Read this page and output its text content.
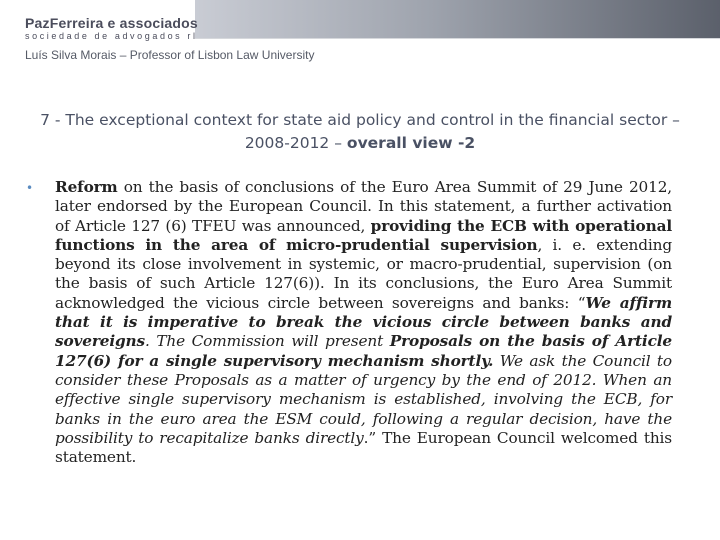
PazFerreira e associados
sociedade de advogados rl
Luís Silva Morais – Professor of Lisbon Law University
7 - The exceptional context for state aid policy and control in the financial sector – 2008-2012 – overall view -2
• Reform on the basis of conclusions of the Euro Area Summit of 29 June 2012, later endorsed by the European Council. In this statement, a further activation of Article 127 (6) TFEU was announced, providing the ECB with operational functions in the area of micro-prudential supervision, i. e. extending beyond its close involvement in systemic, or macro-prudential, supervision (on the basis of such Article 127(6)). In its conclusions, the Euro Area Summit acknowledged the vicious circle between sovereigns and banks: “We affirm that it is imperative to break the vicious circle between banks and sovereigns. The Commission will present Proposals on the basis of Article 127(6) for a single supervisory mechanism shortly. We ask the Council to consider these Proposals as a matter of urgency by the end of 2012. When an effective single supervisory mechanism is established, involving the ECB, for banks in the euro area the ESM could, following a regular decision, have the possibility to recapitalize banks directly.” The European Council welcomed this statement.
